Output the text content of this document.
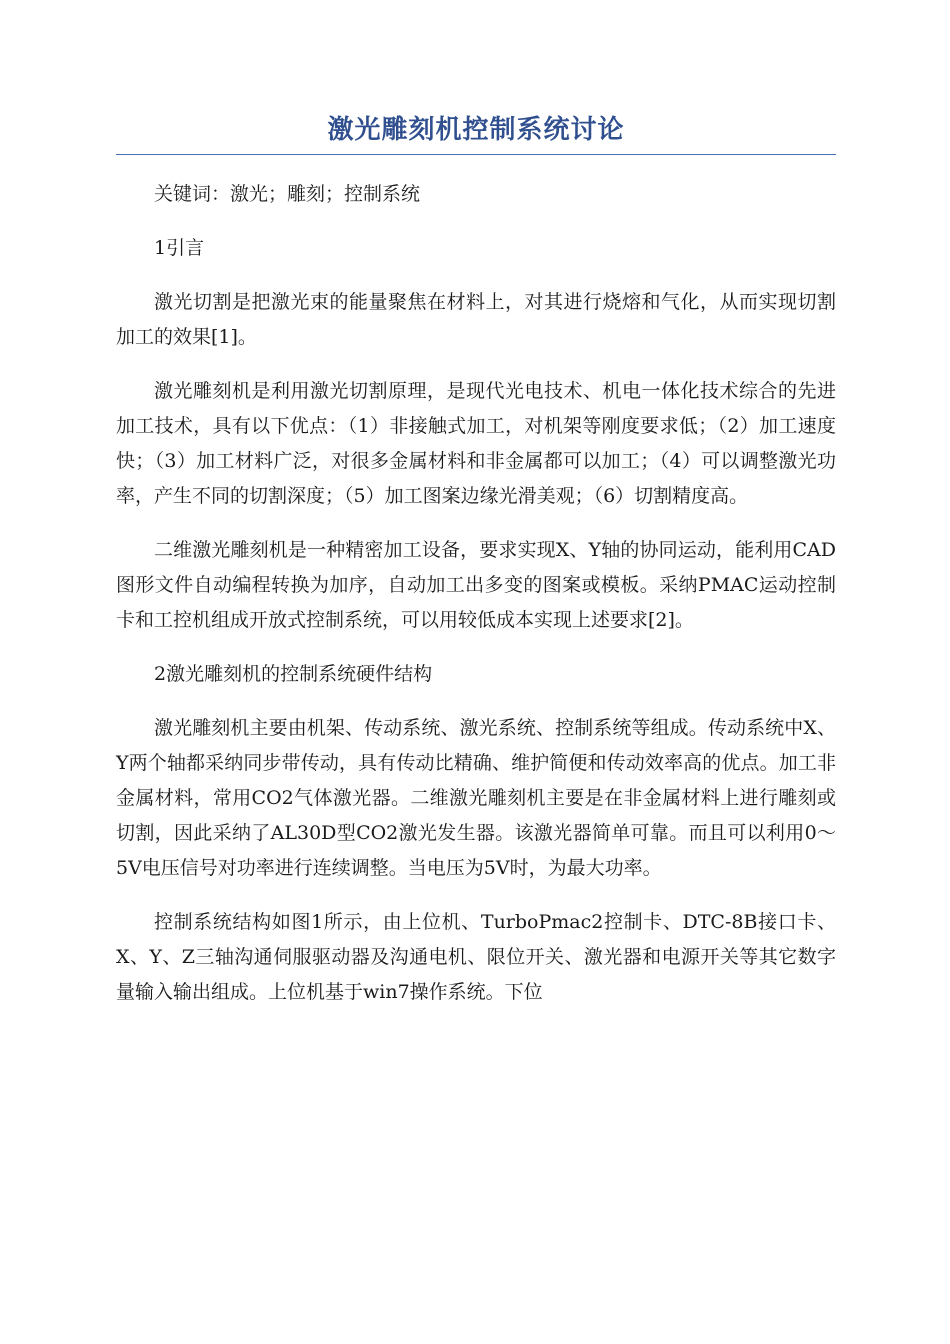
激光雕刻机控制系统讨论

关键词：激光；雕刻；控制系统

1引言

激光切割是把激光束的能量聚焦在材料上，对其进行烧熔和气化，从而实现切割加工的效果[1]。

激光雕刻机是利用激光切割原理，是现代光电技术、机电一体化技术综合的先进加工技术，具有以下优点：（1）非接触式加工，对机架等刚度要求低；（2）加工速度快；（3）加工材料广泛，对很多金属材料和非金属都可以加工；（4）可以调整激光功率，产生不同的切割深度；（5）加工图案边缘光滑美观；（6）切割精度高。

二维激光雕刻机是一种精密加工设备，要求实现X、Y轴的协同运动，能利用CAD图形文件自动编程转换为加序，自动加工出多变的图案或模板。采纳PMAC运动控制卡和工控机组成开放式控制系统，可以用较低成本实现上述要求[2]。

2激光雕刻机的控制系统硬件结构

激光雕刻机主要由机架、传动系统、激光系统、控制系统等组成。传动系统中X、Y两个轴都采纳同步带传动，具有传动比精确、维护简便和传动效率高的优点。加工非金属材料，常用CO2气体激光器。二维激光雕刻机主要是在非金属材料上进行雕刻或切割，因此采纳了AL30D型CO2激光发生器。该激光器简单可靠。而且可以利用0～5V电压信号对功率进行连续调整。当电压为5V时，为最大功率。

控制系统结构如图1所示，由上位机、TurboPmac2控制卡、DTC-8B接口卡、X、Y、Z三轴沟通伺服驱动器及沟通电机、限位开关、激光器和电源开关等其它数字量输入输出组成。上位机基于win7操作系统。下位
